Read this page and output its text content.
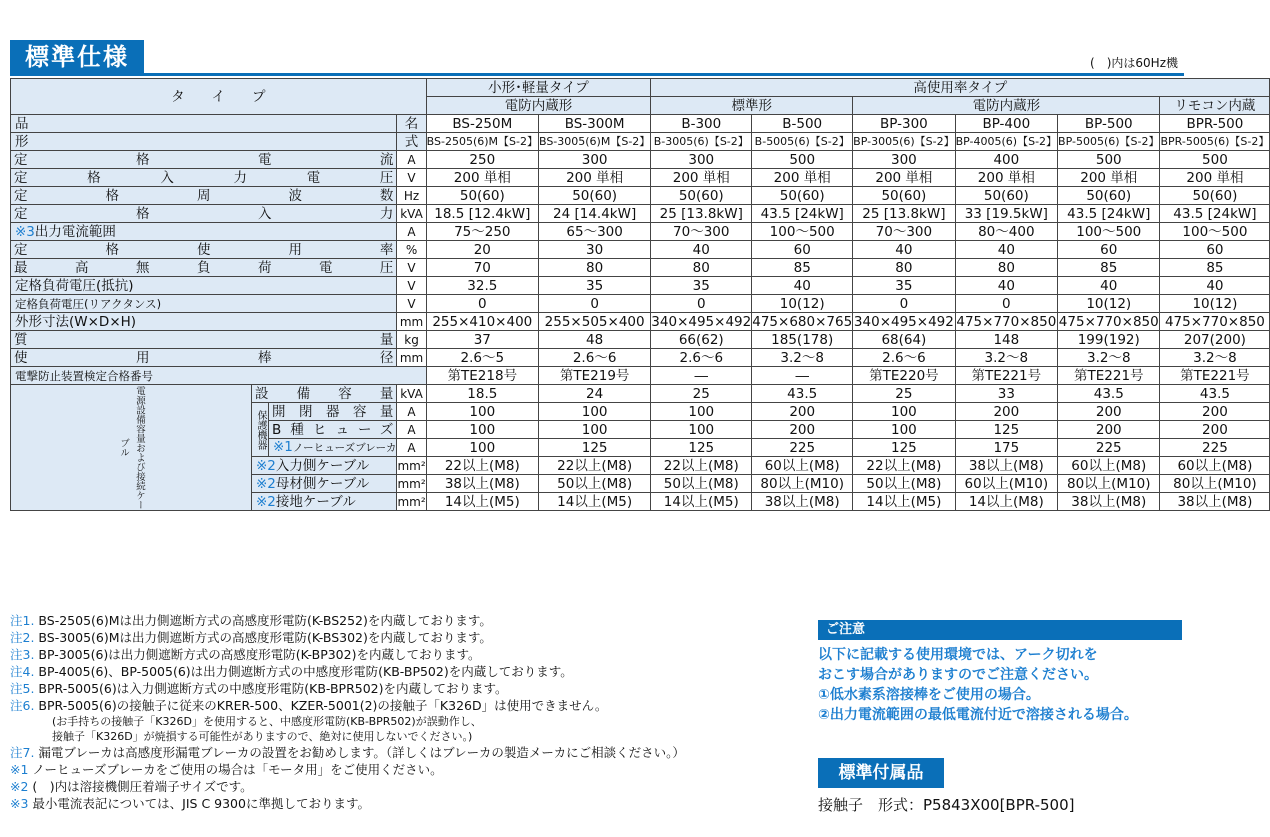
標準仕様	(　)内は60Hz機
タ　　イ　　プ				小形･軽量タイプ		高使用率タイプ					
				電防内蔵形		標準形		電防内蔵形			リモコン内蔵
品			名	BS-250M	BS-300M	B-300	B-500	BP-300	BP-400	BP-500	BPR-500
形			式	BS-2505(6)M【S-2】	BS-3005(6)M【S-2】	B-3005(6)【S-2】	B-5005(6)【S-2】	BP-3005(6)【S-2】	BP-4005(6)【S-2】	BP-5005(6)【S-2】	BPR-5005(6)【S-2】

定格電流			A	250	300	300	500	300	400	500	500

定格入力電圧			V	200 単相	200 単相	200 単相	200 単相	200 単相	200 単相	200 単相	200 単相

定格周波数			Hz	50(60)	50(60)	50(60)	50(60)	50(60)	50(60)	50(60)	50(60)

定格入力			kVA	18.5 [12.4kW]	24 [14.4kW]	25 [13.8kW]	43.5 [24kW]	25 [13.8kW]	33 [19.5kW]	43.5 [24kW]	43.5 [24kW]
※3出力電流範囲			A	75～250	65～300	70～300	100～500	70～300	80～400	100～500	100～500

定格使用率			%	20	30	40	60	40	40	60	60

最高無負荷電圧			V	70	80	80	85	80	80	85	85
定格負荷電圧(抵抗)			V	32.5	35	35	40	35	40	40	40
定格負荷電圧(リアクタンス)			V	0	0	0	10(12)	0	0	10(12)	10(12)
外形寸法(W×D×H)			mm	255×410×400	255×505×400	340×495×492	475×680×765	340×495×492	475×770×850	475×770×850	475×770×850

質量			kg	37	48	66(62)	185(178)	68(64)	148	199(192)	207(200)

使用棒径			mm	2.6～5	2.6～6	2.6～6	3.2～8	2.6～6	3.2～8	3.2～8	3.2～8
電撃防止装置検定合格番号				第TE218号	第TE219号	―	―	第TE220号	第TE221号	第TE221号	第TE221号
電源設備容量および接続ケーブル	設備容量		kVA	18.5	24	25	43.5	25	33	43.5	43.5
	保護機器	開閉器容量	A	100	100	100	200	100	200	200	200

		B種ヒューズ	A	100	100	100	200	100	125	200	200
		※1ノーヒューズブレーカ	A	100	125	125	225	125	175	225	225
	※2入力側ケーブル		mm²	22以上(M8)	22以上(M8)	22以上(M8)	60以上(M8)	22以上(M8)	38以上(M8)	60以上(M8)	60以上(M8)
	※2母材側ケーブル		mm²	38以上(M8)	50以上(M8)	50以上(M8)	80以上(M10)	50以上(M8)	60以上(M10)	80以上(M10)	80以上(M10)
	※2接地ケーブル		mm²	14以上(M5)	14以上(M5)	14以上(M5)	38以上(M8)	14以上(M5)	14以上(M8)	38以上(M8)	38以上(M8)
注1. BS-2505(6)Mは出力側遮断方式の高感度形電防(K-BS252)を内蔵しております。
注2. BS-3005(6)Mは出力側遮断方式の高感度形電防(K-BS302)を内蔵しております。
注3. BP-3005(6)は出力側遮断方式の高感度形電防(K-BP302)を内蔵しております。
注4. BP-4005(6)、BP-5005(6)は出力側遮断方式の中感度形電防(KB-BP502)を内蔵しております。
注5. BPR-5005(6)は入力側遮断方式の中感度形電防(KB-BPR502)を内蔵しております。
注6. BPR-5005(6)の接触子に従来のKRER-500、KZER-5001(2)の接触子「K326D」は使用できません。
(お手持ちの接触子「K326D」を使用すると、中感度形電防(KB-BPR502)が誤動作し、
接触子「K326D」が焼損する可能性がありますので、絶対に使用しないでください。)
注7. 漏電ブレーカは高感度形漏電ブレーカの設置をお勧めします。（詳しくはブレーカの製造メーカにご相談ください。）
※1 ノーヒューズブレーカをご使用の場合は「モータ用」をご使用ください。
※2 (　)内は溶接機側圧着端子サイズです。
※3 最小電流表記については、JIS C 9300に準拠しております。
ご注意
以下に記載する使用環境では、アーク切れを
おこす場合がありますのでご注意ください。
①低水素系溶接棒をご使用の場合。
②出力電流範囲の最低電流付近で溶接される場合。
標準付属品
接触子　形式：P5843X00[BPR-500]
